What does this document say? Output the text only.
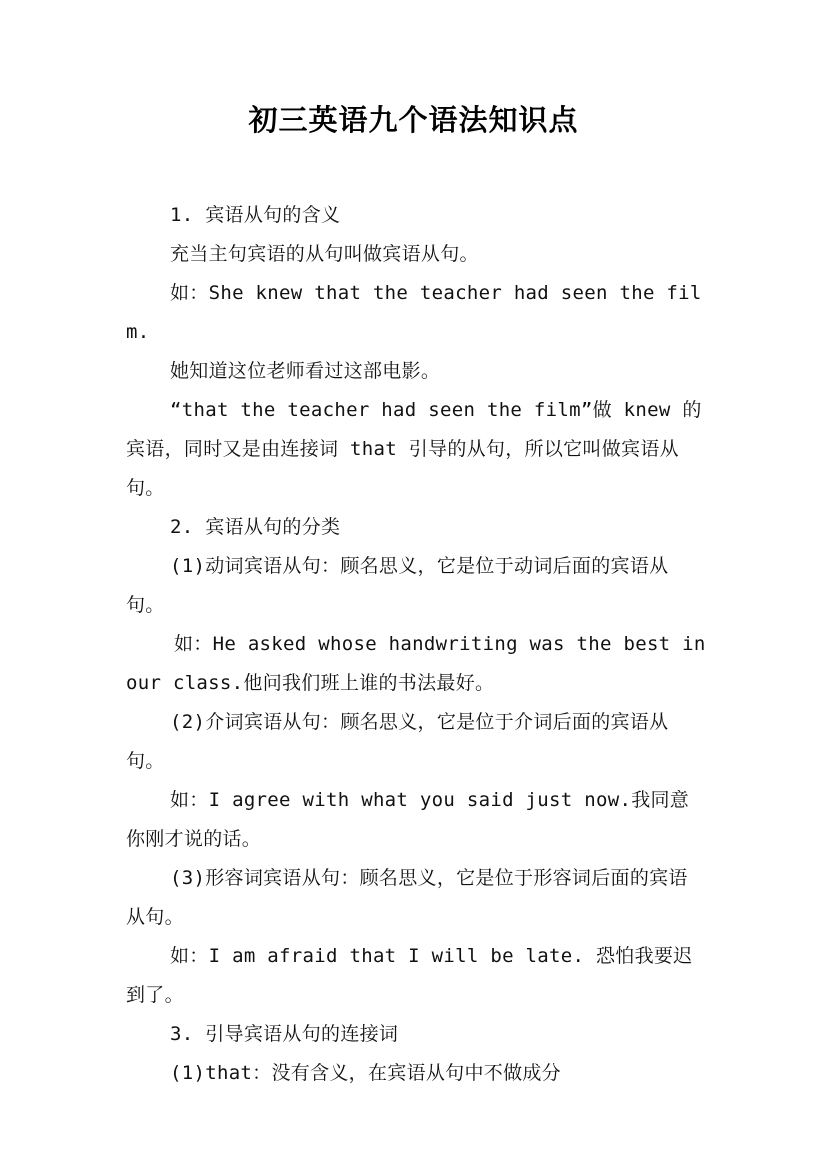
初三英语九个语法知识点

1. 宾语从句的含义

充当主句宾语的从句叫做宾语从句。

如：She knew that the teacher had seen the film.

她知道这位老师看过这部电影。

“that the teacher had seen the film”做 knew 的宾语，同时又是由连接词 that 引导的从句，所以它叫做宾语从句。

2. 宾语从句的分类

(1)动词宾语从句：顾名思义，它是位于动词后面的宾语从句。

如：He asked whose handwriting was the best in our class.他问我们班上谁的书法最好。

(2)介词宾语从句：顾名思义，它是位于介词后面的宾语从句。

如：I agree with what you said just now.我同意你刚才说的话。

(3)形容词宾语从句：顾名思义，它是位于形容词后面的宾语从句。

如：I am afraid that I will be late. 恐怕我要迟到了。

3. 引导宾语从句的连接词

(1)that：没有含义，在宾语从句中不做成分
